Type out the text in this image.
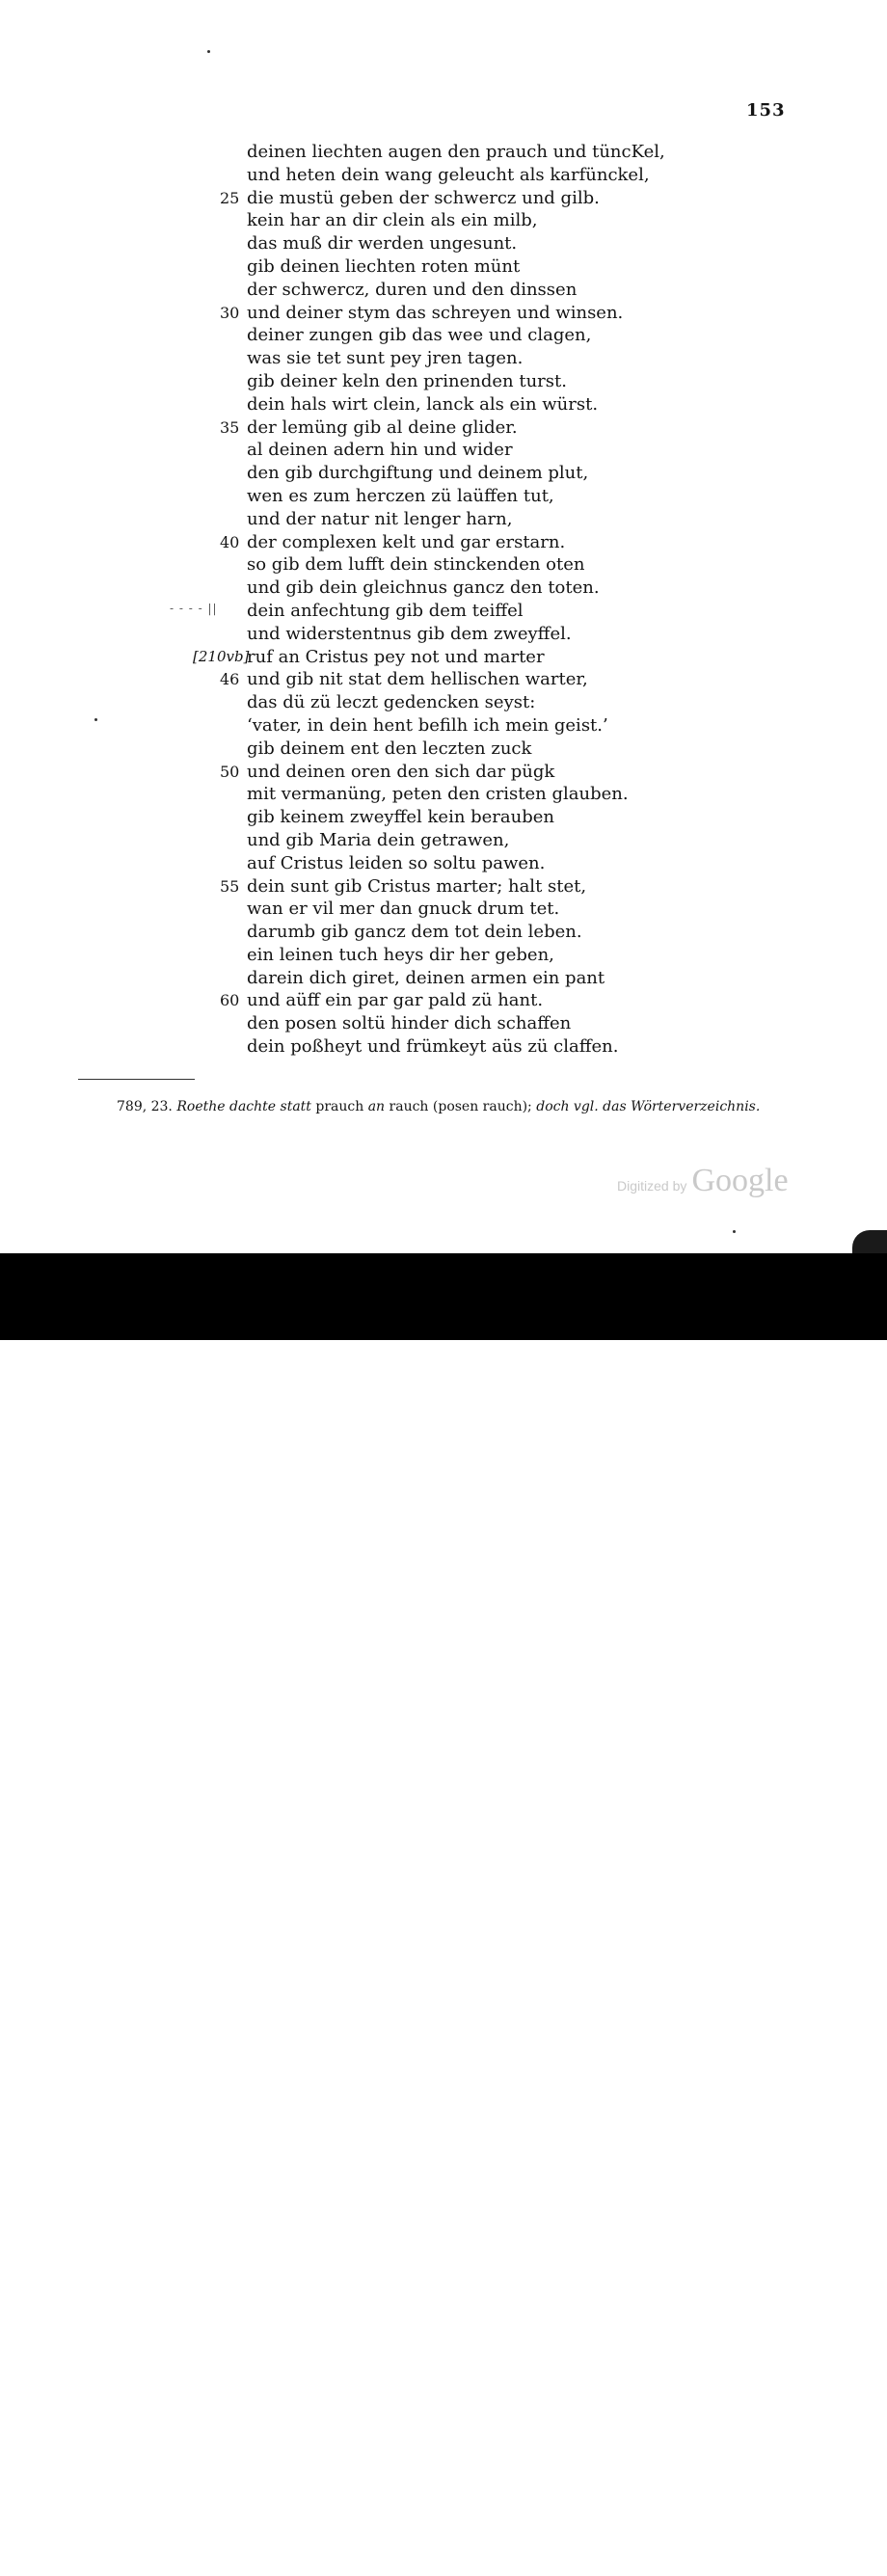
153
deinen liechten augen den prauch und tüncKel,
und heten dein wang geleucht als karfünckel,
25 die mustü geben der schwercz und gilb.
kein har an dir clein als ein milb,
das muß dir werden ungesunt.
gib deinen liechten roten münt
der schwercz, duren und den dinssen
30 und deiner stym das schreyen und winsen.
deiner zungen gib das wee und clagen,
was sie tet sunt pey jren tagen.
gib deiner keln den prinenden turst.
dein hals wirt clein, lanck als ein würst.
35 der lemüng gib al deine glider.
al deinen adern hin und wider
den gib durchgiftung und deinem plut,
wen es zum herczen zü laüffen tut,
und der natur nit lenger harn,
40 der complexen kelt und gar erstarn.
so gib dem lufft dein stinckenden oten
und gib dein gleichnus gancz den toten.
dein anfechtung gib dem teiffel
und widerstentnus gib dem zweyffel.
[210vb]
ruf an Cristus pey not und marter
46 und gib nit stat dem hellischen warter,
das dü zü leczt gedencken seyst:
‘vater, in dein hent befilh ich mein geist.’
gib deinem ent den leczten zuck
50 und deinen oren den sich dar pügk
mit vermanüng, peten den cristen glauben.
gib keinem zweyffel kein berauben
und gib Maria dein getrawen,
auf Cristus leiden so soltu pawen.
55 dein sunt gib Cristus marter; halt stet,
wan er vil mer dan gnuck drum tet.
darumb gib gancz dem tot dein leben.
ein leinen tuch heys dir her geben,
darein dich giret, deinen armen ein pant
60 und aüff ein par gar pald zü hant.
den posen soltü hinder dich schaffen
dein poßheyt und frümkeyt aüs zü claffen.
- - - - ||
789, 23. Roethe dachte statt prauch an rauch (posen rauch); doch vgl. das Wörterverzeichnis.
Digitized by Google
alamy	P8XANG
www.alamy.com
